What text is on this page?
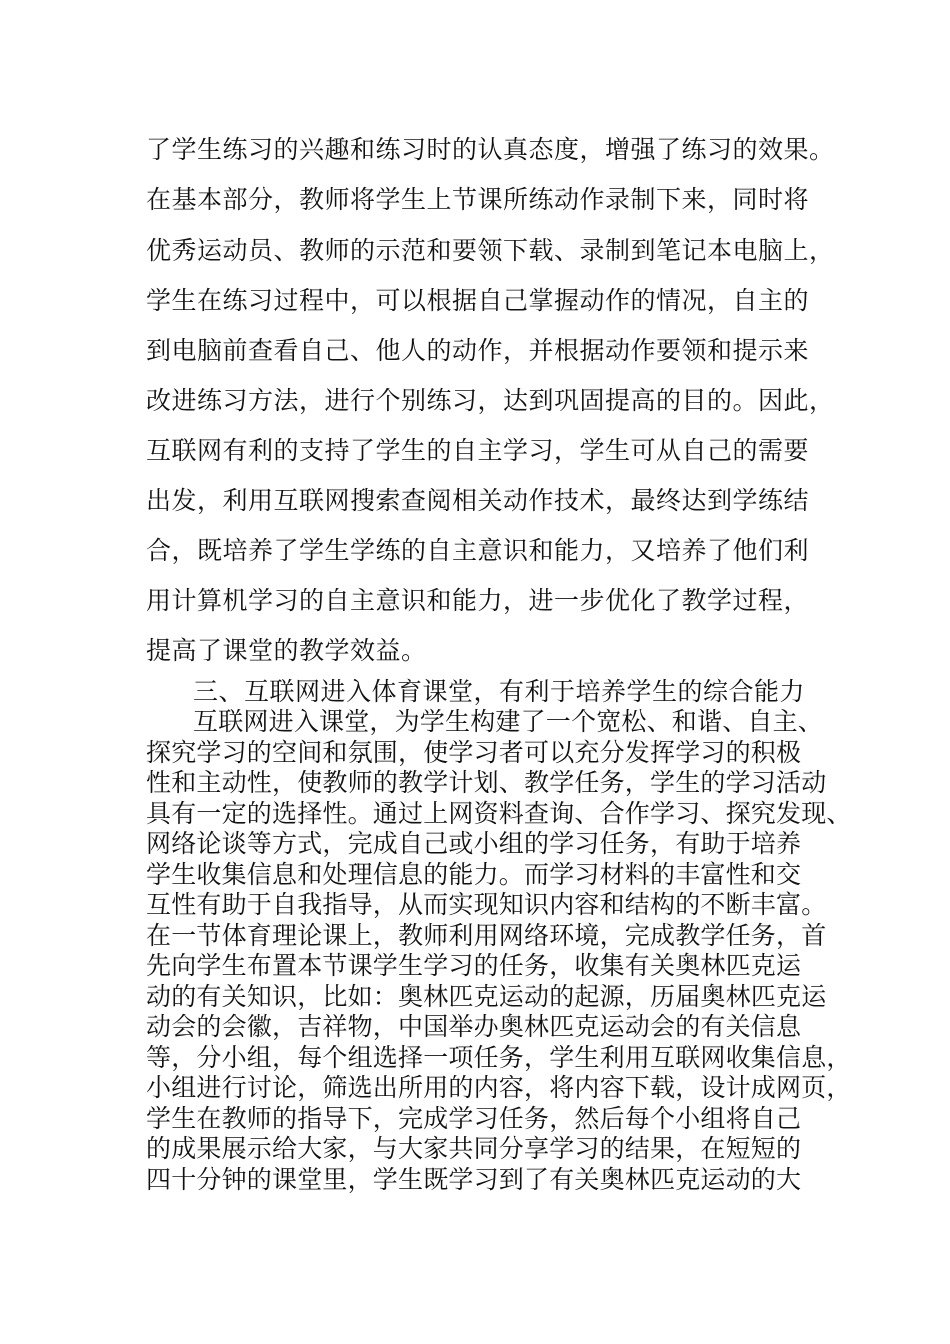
了学生练习的兴趣和练习时的认真态度，增强了练习的效果。
在基本部分，教师将学生上节课所练动作录制下来，同时将
优秀运动员、教师的示范和要领下载、录制到笔记本电脑上，
学生在练习过程中，可以根据自己掌握动作的情况，自主的
到电脑前查看自己、他人的动作，并根据动作要领和提示来
改进练习方法，进行个别练习，达到巩固提高的目的。因此，
互联网有利的支持了学生的自主学习，学生可从自己的需要
出发，利用互联网搜索查阅相关动作技术，最终达到学练结
合，既培养了学生学练的自主意识和能力，又培养了他们利
用计算机学习的自主意识和能力，进一步优化了教学过程，
提高了课堂的教学效益。
三、互联网进入体育课堂，有利于培养学生的综合能力
互联网进入课堂，为学生构建了一个宽松、和谐、自主、
探究学习的空间和氛围，使学习者可以充分发挥学习的积极
性和主动性，使教师的教学计划、教学任务，学生的学习活动
具有一定的选择性。通过上网资料查询、合作学习、探究发现、
网络论谈等方式，完成自己或小组的学习任务，有助于培养
学生收集信息和处理信息的能力。而学习材料的丰富性和交
互性有助于自我指导，从而实现知识内容和结构的不断丰富。
在一节体育理论课上，教师利用网络环境，完成教学任务，首
先向学生布置本节课学生学习的任务，收集有关奥林匹克运
动的有关知识，比如：奥林匹克运动的起源，历届奥林匹克运
动会的会徽，吉祥物，中国举办奥林匹克运动会的有关信息
等，分小组，每个组选择一项任务，学生利用互联网收集信息，
小组进行讨论，筛选出所用的内容，将内容下载，设计成网页，
学生在教师的指导下，完成学习任务，然后每个小组将自己
的成果展示给大家，与大家共同分享学习的结果，在短短的
四十分钟的课堂里，学生既学习到了有关奥林匹克运动的大
